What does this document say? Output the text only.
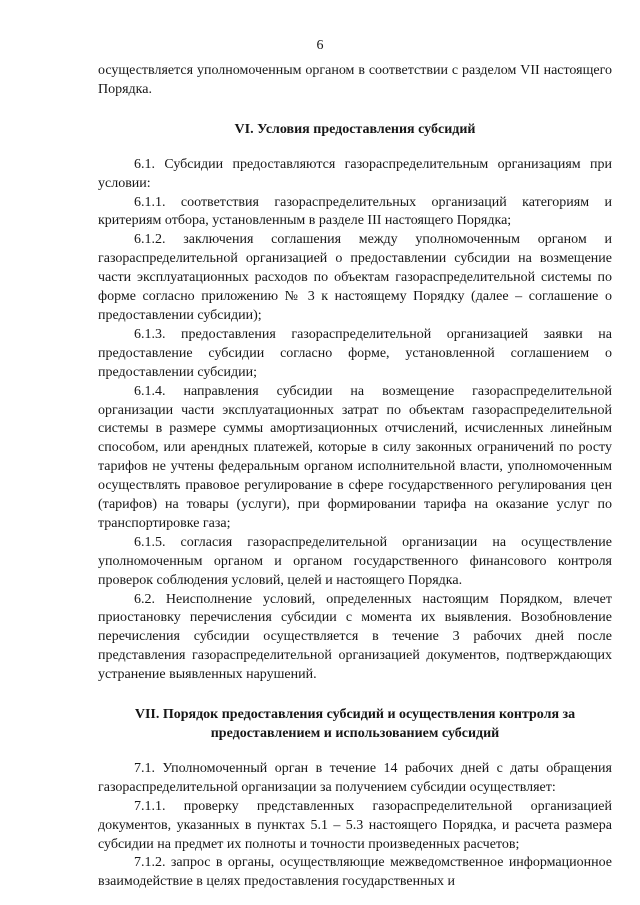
6

осуществляется уполномоченным органом в соответствии с разделом VII настоящего Порядка.

VI. Условия предоставления субсидий

6.1. Субсидии предоставляются газораспределительным организациям при условии:

6.1.1. соответствия газораспределительных организаций категориям и критериям отбора, установленным в разделе III настоящего Порядка;

6.1.2. заключения соглашения между уполномоченным органом и газораспределительной организацией о предоставлении субсидии на возмещение части эксплуатационных расходов по объектам газораспределительной системы по форме согласно приложению № 3 к настоящему Порядку (далее – соглашение о предоставлении субсидии);

6.1.3. предоставления газораспределительной организацией заявки на предоставление субсидии согласно форме, установленной соглашением о предоставлении субсидии;

6.1.4. направления субсидии на возмещение газораспределительной организации части эксплуатационных затрат по объектам газораспределительной системы в размере суммы амортизационных отчислений, исчисленных линейным способом, или арендных платежей, которые в силу законных ограничений по росту тарифов не учтены федеральным органом исполнительной власти, уполномоченным осуществлять правовое регулирование в сфере государственного регулирования цен (тарифов) на товары (услуги), при формировании тарифа на оказание услуг по транспортировке газа;

6.1.5. согласия газораспределительной организации на осуществление уполномоченным органом и органом государственного финансового контроля проверок соблюдения условий, целей и настоящего Порядка.

6.2. Неисполнение условий, определенных настоящим Порядком, влечет приостановку перечисления субсидии с момента их выявления. Возобновление перечисления субсидии осуществляется в течение 3 рабочих дней после представления газораспределительной организацией документов, подтверждающих устранение выявленных нарушений.

VII. Порядок предоставления субсидий и осуществления контроля за предоставлением и использованием субсидий

7.1. Уполномоченный орган в течение 14 рабочих дней с даты обращения газораспределительной организации за получением субсидии осуществляет:

7.1.1. проверку представленных газораспределительной организацией документов, указанных в пунктах 5.1 – 5.3 настоящего Порядка, и расчета размера субсидии на предмет их полноты и точности произведенных расчетов;

7.1.2. запрос в органы, осуществляющие межведомственное информационное взаимодействие в целях предоставления государственных и
